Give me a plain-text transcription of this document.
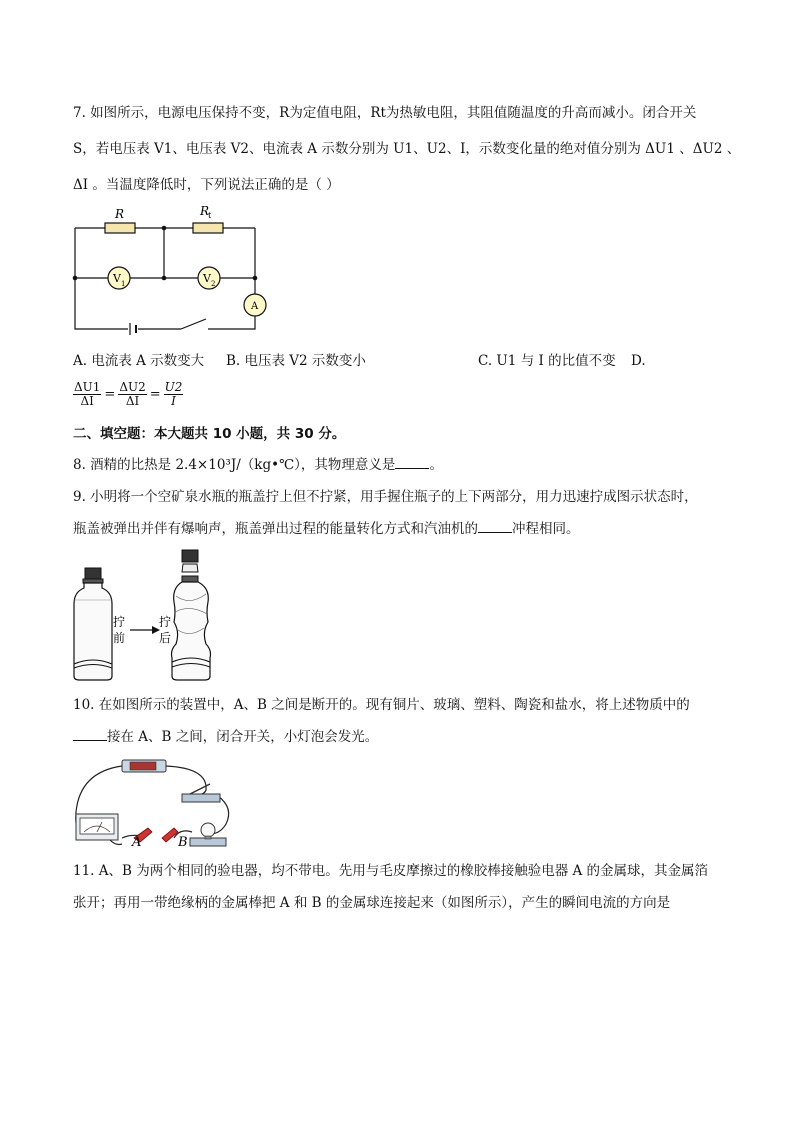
7. 如图所示，电源电压保持不变，R为定值电阻，Rt为热敏电阻，其阻值随温度的升高而减小。闭合开关
S，若电压表 V1、电压表 V2、电流表 A 示数分别为 U1、U2、I，示数变化量的绝对值分别为 ΔU1 、ΔU2 、
ΔI 。当温度降低时，下列说法正确的是（ ）
R	R
t
V 1	V 2
A
A. 电流表 A 示数变大 B. 电压表 V2 示数变小	C. U1 与 I 的比值不变 D.
$\frac{\Delta U1}{\Delta I} = \frac{\Delta U2}{\Delta I} = \frac{U2}{I}$
二、填空题：本大题共 10 小题，共 30 分。
8. 酒精的比热是 2.4×10³J/（kg•℃），其物理意义是	。
9. 小明将一个空矿泉水瓶的瓶盖拧上但不拧紧，用手握住瓶子的上下两部分，用力迅速拧成图示状态时，
瓶盖被弹出并伴有爆响声，瓶盖弹出过程的能量转化方式和汽油机的	冲程相同。
拧
前
拧
后
10. 在如图所示的装置中，A、B 之间是断开的。现有铜片、玻璃、塑料、陶瓷和盐水，将上述物质中的
接在 A、B 之间，闭合开关，小灯泡会发光。
A	B
11. A、B 为两个相同的验电器，均不带电。先用与毛皮摩擦过的橡胶棒接触验电器 A 的金属球，其金属箔
张开；再用一带绝缘柄的金属棒把 A 和 B 的金属球连接起来（如图所示），产生的瞬间电流的方向是
